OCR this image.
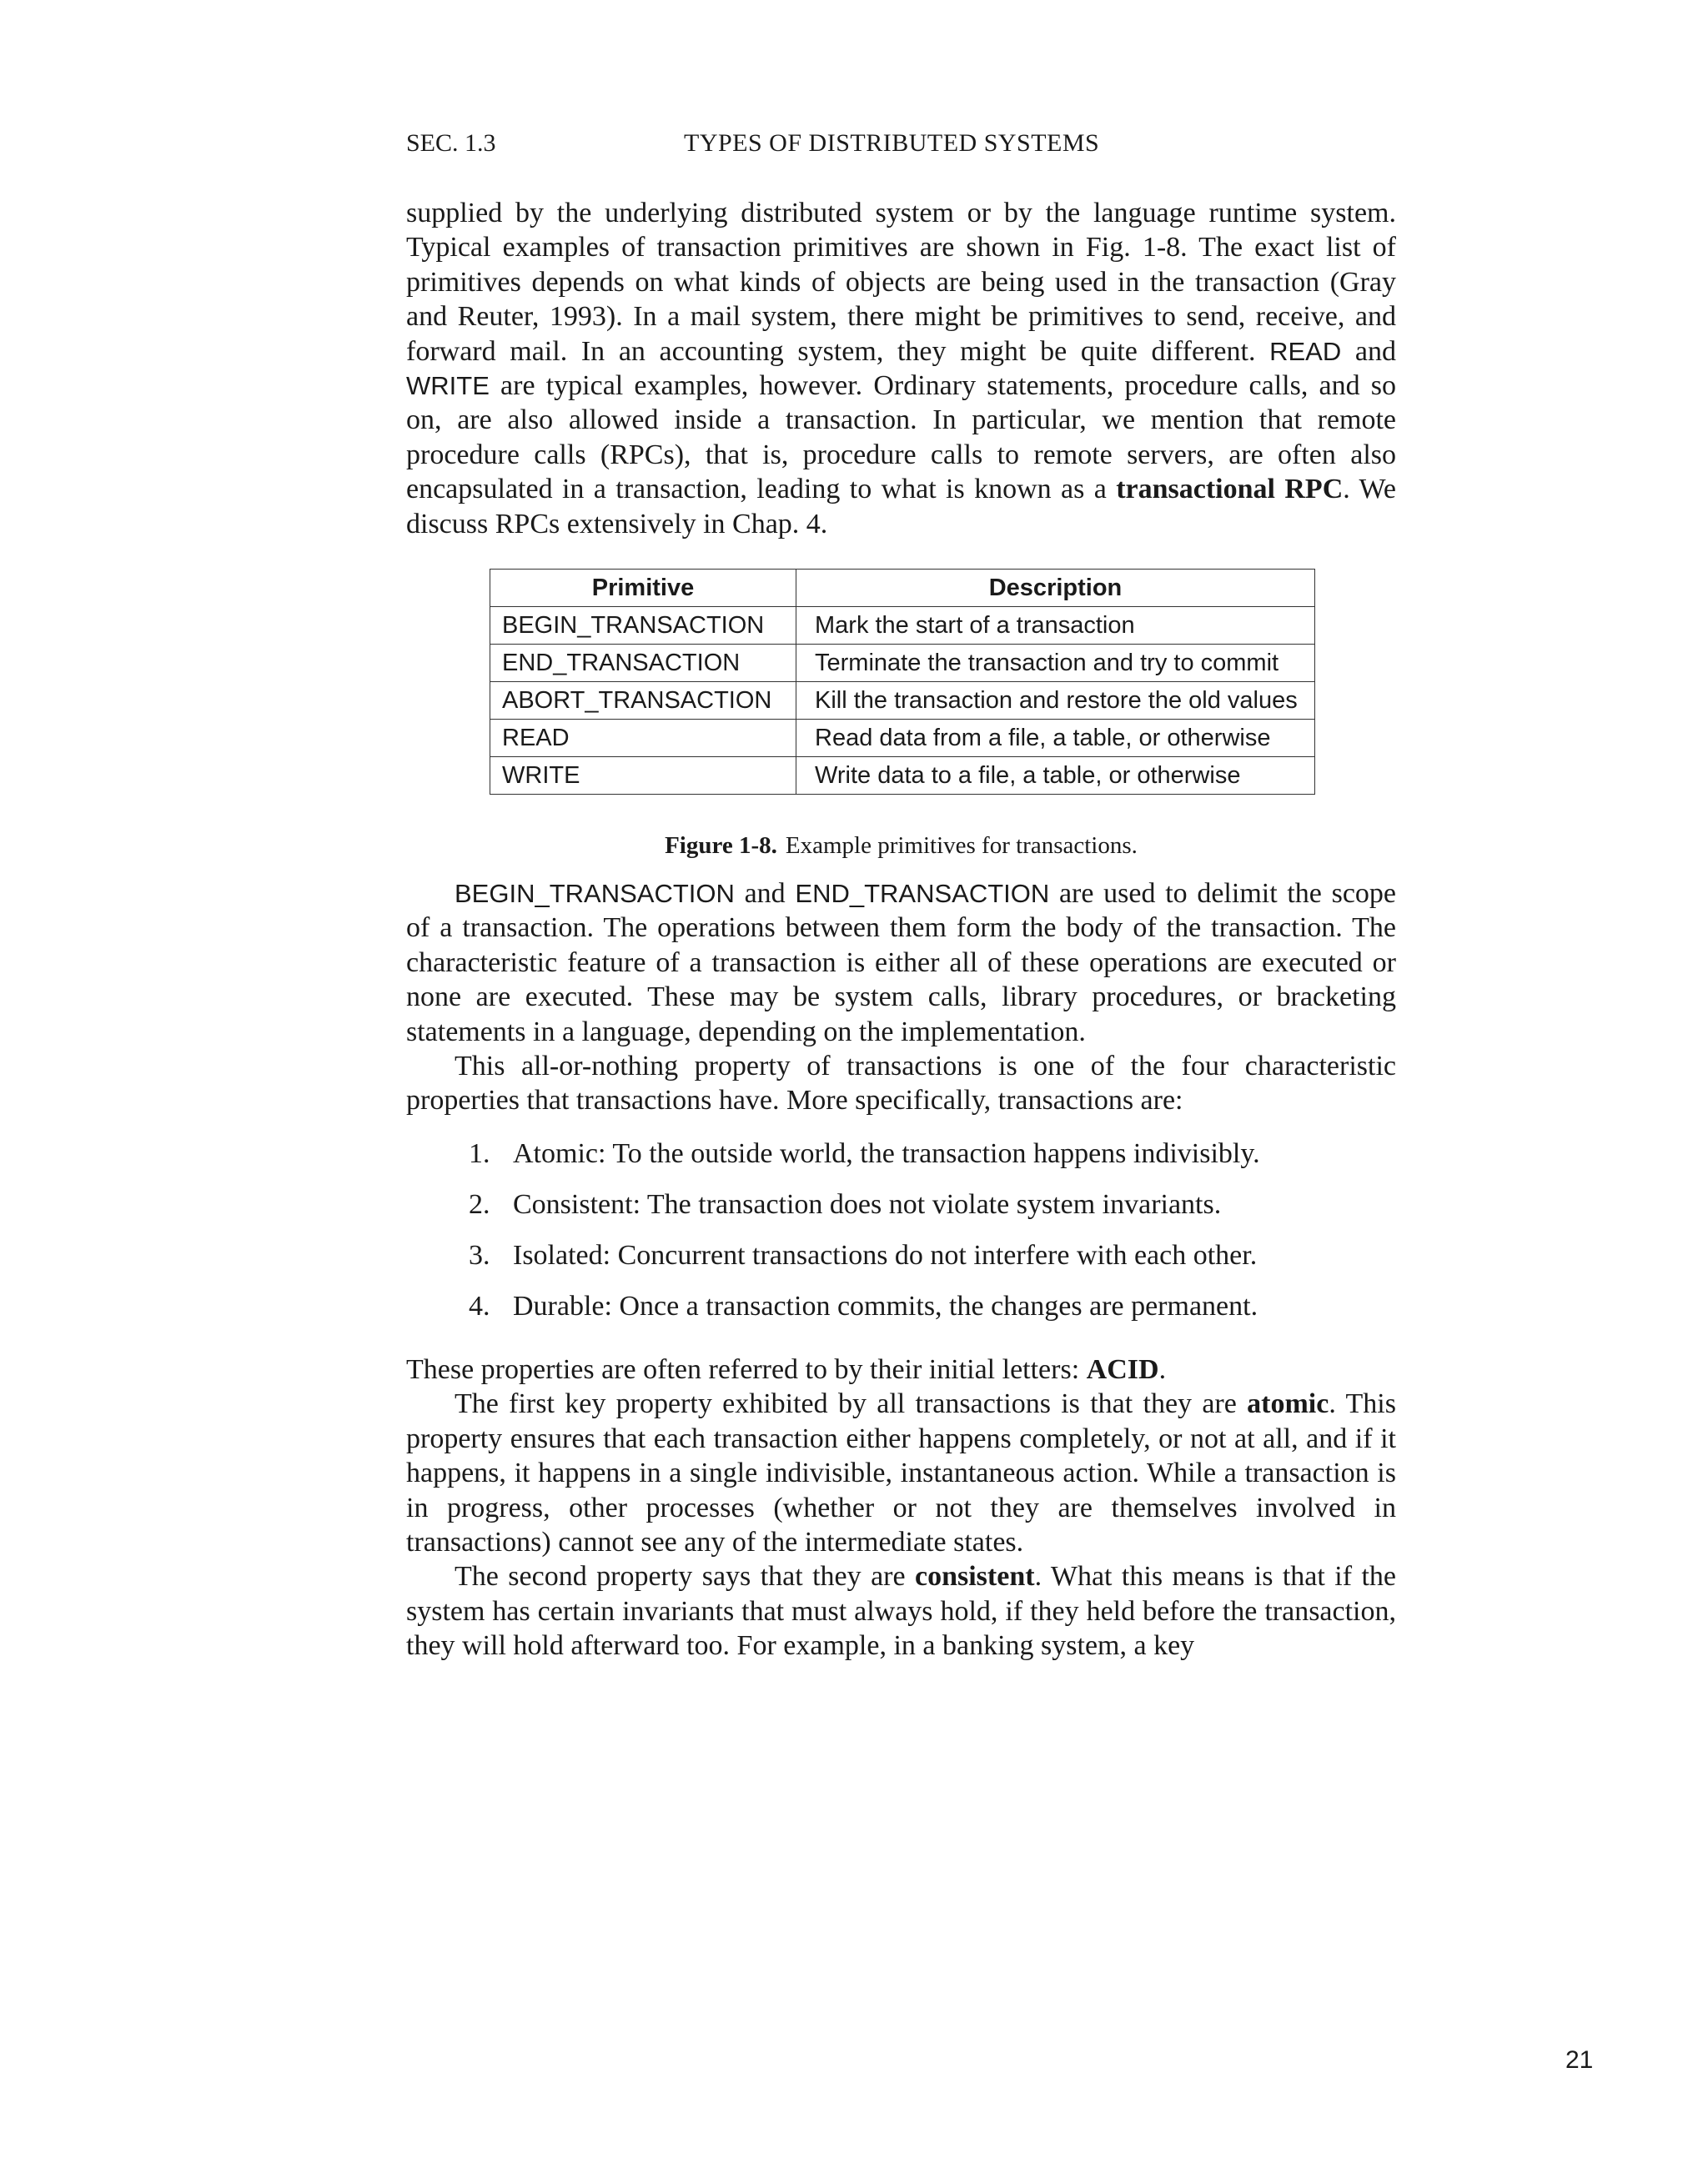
SEC. 1.3	TYPES OF DISTRIBUTED SYSTEMS

supplied by the underlying distributed system or by the language runtime system. Typical examples of transaction primitives are shown in Fig. 1-8. The exact list of primitives depends on what kinds of objects are being used in the transaction (Gray and Reuter, 1993). In a mail system, there might be primitives to send, receive, and forward mail. In an accounting system, they might be quite different. READ and WRITE are typical examples, however. Ordinary statements, procedure calls, and so on, are also allowed inside a transaction. In particular, we mention that remote procedure calls (RPCs), that is, procedure calls to remote servers, are often also encapsulated in a transaction, leading to what is known as a transactional RPC. We discuss RPCs extensively in Chap. 4.

Primitive	Description
BEGIN_TRANSACTION	Mark the start of a transaction
END_TRANSACTION	Terminate the transaction and try to commit
ABORT_TRANSACTION	Kill the transaction and restore the old values
READ	Read data from a file, a table, or otherwise
WRITE	Write data to a file, a table, or otherwise
Figure 1-8. Example primitives for transactions.

BEGIN_TRANSACTION and END_TRANSACTION are used to delimit the scope of a transaction. The operations between them form the body of the transaction. The characteristic feature of a transaction is either all of these operations are executed or none are executed. These may be system calls, library procedures, or bracketing statements in a language, depending on the implementation.

This all-or-nothing property of transactions is one of the four characteristic properties that transactions have. More specifically, transactions are:

1. Atomic: To the outside world, the transaction happens indivisibly.
2. Consistent: The transaction does not violate system invariants.
3. Isolated: Concurrent transactions do not interfere with each other.
4. Durable: Once a transaction commits, the changes are permanent.

These properties are often referred to by their initial letters: ACID.

The first key property exhibited by all transactions is that they are atomic. This property ensures that each transaction either happens completely, or not at all, and if it happens, it happens in a single indivisible, instantaneous action. While a transaction is in progress, other processes (whether or not they are themselves involved in transactions) cannot see any of the intermediate states.

The second property says that they are consistent. What this means is that if the system has certain invariants that must always hold, if they held before the transaction, they will hold afterward too. For example, in a banking system, a key

21
